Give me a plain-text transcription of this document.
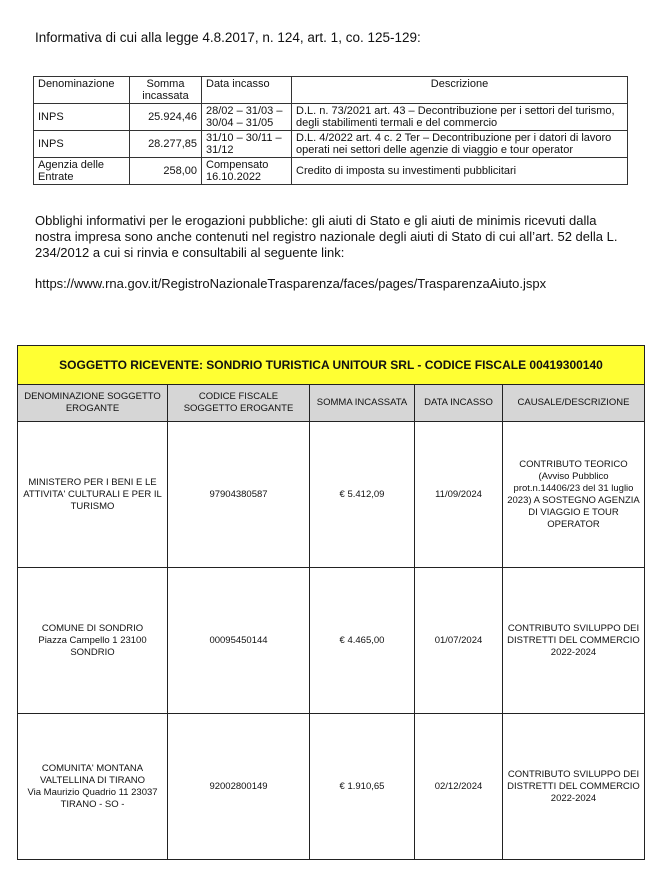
Informativa di cui alla legge 4.8.2017, n. 124, art. 1, co. 125-129:
Denominazione	Somma incassata	Data incasso	Descrizione
INPS	25.924,46	28/02 – 31/03 – 30/04 – 31/05	D.L. n. 73/2021 art. 43 – Decontribuzione per i settori del turismo, degli stabilimenti termali e del commercio
INPS	28.277,85	31/10 – 30/11 – 31/12	D.L. 4/2022 art. 4 c. 2 Ter – Decontribuzione per i datori di lavoro operati nei settori delle agenzie di viaggio e tour operator
Agenzia delle Entrate	258,00	Compensato 16.10.2022	Credito di imposta su investimenti pubblicitari
Obblighi informativi per le erogazioni pubbliche: gli aiuti di Stato e gli aiuti de minimis ricevuti dalla nostra impresa sono anche contenuti nel registro nazionale degli aiuti di Stato di cui all’art. 52 della L. 234/2012 a cui si rinvia e consultabili al seguente link:
https://www.rna.gov.it/RegistroNazionaleTrasparenza/faces/pages/TrasparenzaAiuto.jspx
SOGGETTO RICEVENTE: SONDRIO TURISTICA UNITOUR SRL - CODICE FISCALE 00419300140				
DENOMINAZIONE SOGGETTO EROGANTE	CODICE FISCALE SOGGETTO EROGANTE	SOMMA INCASSATA	DATA INCASSO	CAUSALE/DESCRIZIONE

MINISTERO PER I BENI E LE ATTIVITA' CULTURALI E PER IL TURISMO	97904380587	€ 5.412,09	11/09/2024	CONTRIBUTO TEORICO (Avviso Pubblico prot.n.14406/23 del 31 luglio 2023) A SOSTEGNO AGENZIA DI VIAGGIO E TOUR OPERATOR

COMUNE DI SONDRIO
Piazza Campello 1 23100 SONDRIO	00095450144	€ 4.465,00	01/07/2024	CONTRIBUTO SVILUPPO DEI DISTRETTI DEL COMMERCIO 2022-2024

COMUNITA' MONTANA VALTELLINA DI TIRANO
Via Maurizio Quadrio 11 23037 TIRANO - SO -	92002800149	€ 1.910,65	02/12/2024	CONTRIBUTO SVILUPPO DEI DISTRETTI DEL COMMERCIO 2022-2024
